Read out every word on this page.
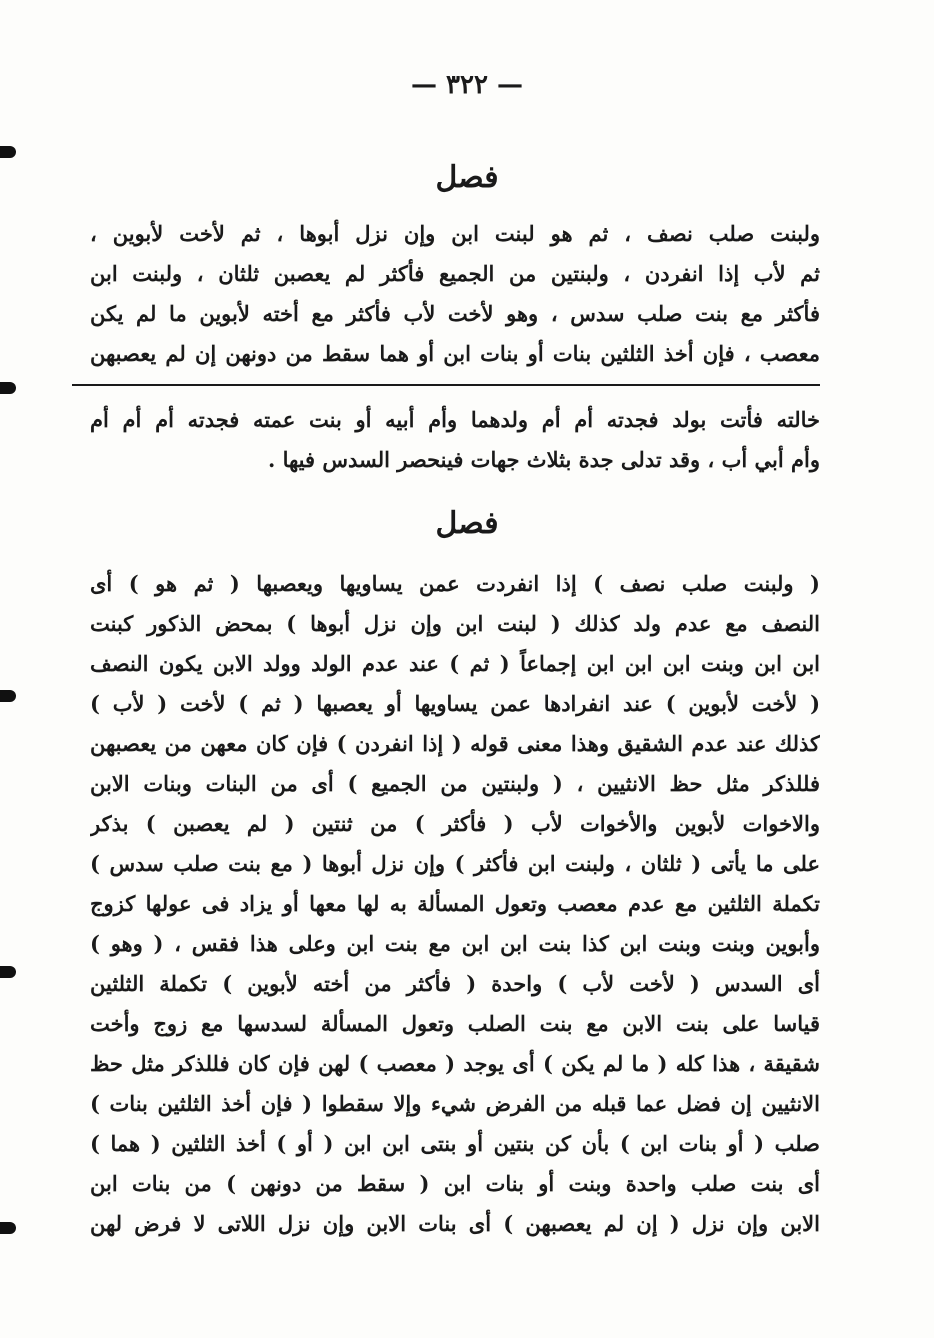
— ٣٢٢ —
فصل
ولبنت صلب نصف ، ثم هو لبنت ابن وإن نزل أبوها ، ثم لأخت لأبوين ،
ثم لأب إذا انفردن ، ولبنتين من الجميع فأكثر لم يعصبن ثلثان ، ولبنت ابن
فأكثر مع بنت صلب سدس ، وهو لأخت لأب فأكثر مع أخته لأبوين ما لم يكن
معصب ، فإن أخذ الثلثين بنات أو بنات ابن أو هما سقط من دونهن إن لم يعصبهن
خالته فأتت بولد فجدته أم أم ولدهما وأم أبيه أو بنت عمته فجدته أم أم أم
وأم أبي أب ، وقد تدلى جدة بثلاث جهات فينحصر السدس فيها .
فصل
( ولبنت صلب نصف ) إذا انفردت عمن يساويها ويعصبها ( ثم هو ) أى
النصف مع عدم ولد كذلك ( لبنت ابن وإن نزل أبوها ) بمحض الذكور كبنت
ابن ابن وبنت ابن ابن ابن إجماعاً ( ثم ) عند عدم الولد وولد الابن يكون النصف
( لأخت لأبوين ) عند انفرادها عمن يساويها أو يعصبها ( ثم ) لأخت ( لأب )
كذلك عند عدم الشقيق وهذا معنى قوله ( إذا انفردن ) فإن كان معهن من يعصبهن
فللذكر مثل حظ الانثيين ، ( ولبنتين من الجميع ) أى من البنات وبنات الابن
والاخوات لأبوين والأخوات لأب ( فأكثر ) من ثنتين ( لم يعصبن ) بذكر
على ما يأتى ( ثلثان ، ولبنت ابن فأكثر ) وإن نزل أبوها ( مع بنت صلب سدس )
تكملة الثلثين مع عدم معصب وتعول المسألة به لها معها أو يزاد فى عولها كزوج
وأبوين وبنت وبنت ابن كذا بنت ابن ابن مع بنت ابن وعلى هذا فقس ، ( وهو )
أى السدس ( لأخت لأب ) واحدة ( فأكثر من أخته لأبوين ) تكملة الثلثين
قياسا على بنت الابن مع بنت الصلب وتعول المسألة لسدسها مع زوج وأخت
شقيقة ، هذا كله ( ما لم يكن ) أى يوجد ( معصب ) لهن فإن كان فللذكر مثل حظ
الانثيين إن فضل عما قبله من الفرض شيء وإلا سقطوا ( فإن أخذ الثلثين بنات )
صلب ( أو بنات ابن ) بأن كن بنتين أو بنتى ابن ابن ( أو ) أخذ الثلثين ( هما )
أى بنت صلب واحدة وبنت أو بنات ابن ( سقط من دونهن ) من بنات ابن
الابن وإن نزل ( إن لم يعصبهن ) أى بنات الابن وإن نزل اللاتى لا فرض لهن
